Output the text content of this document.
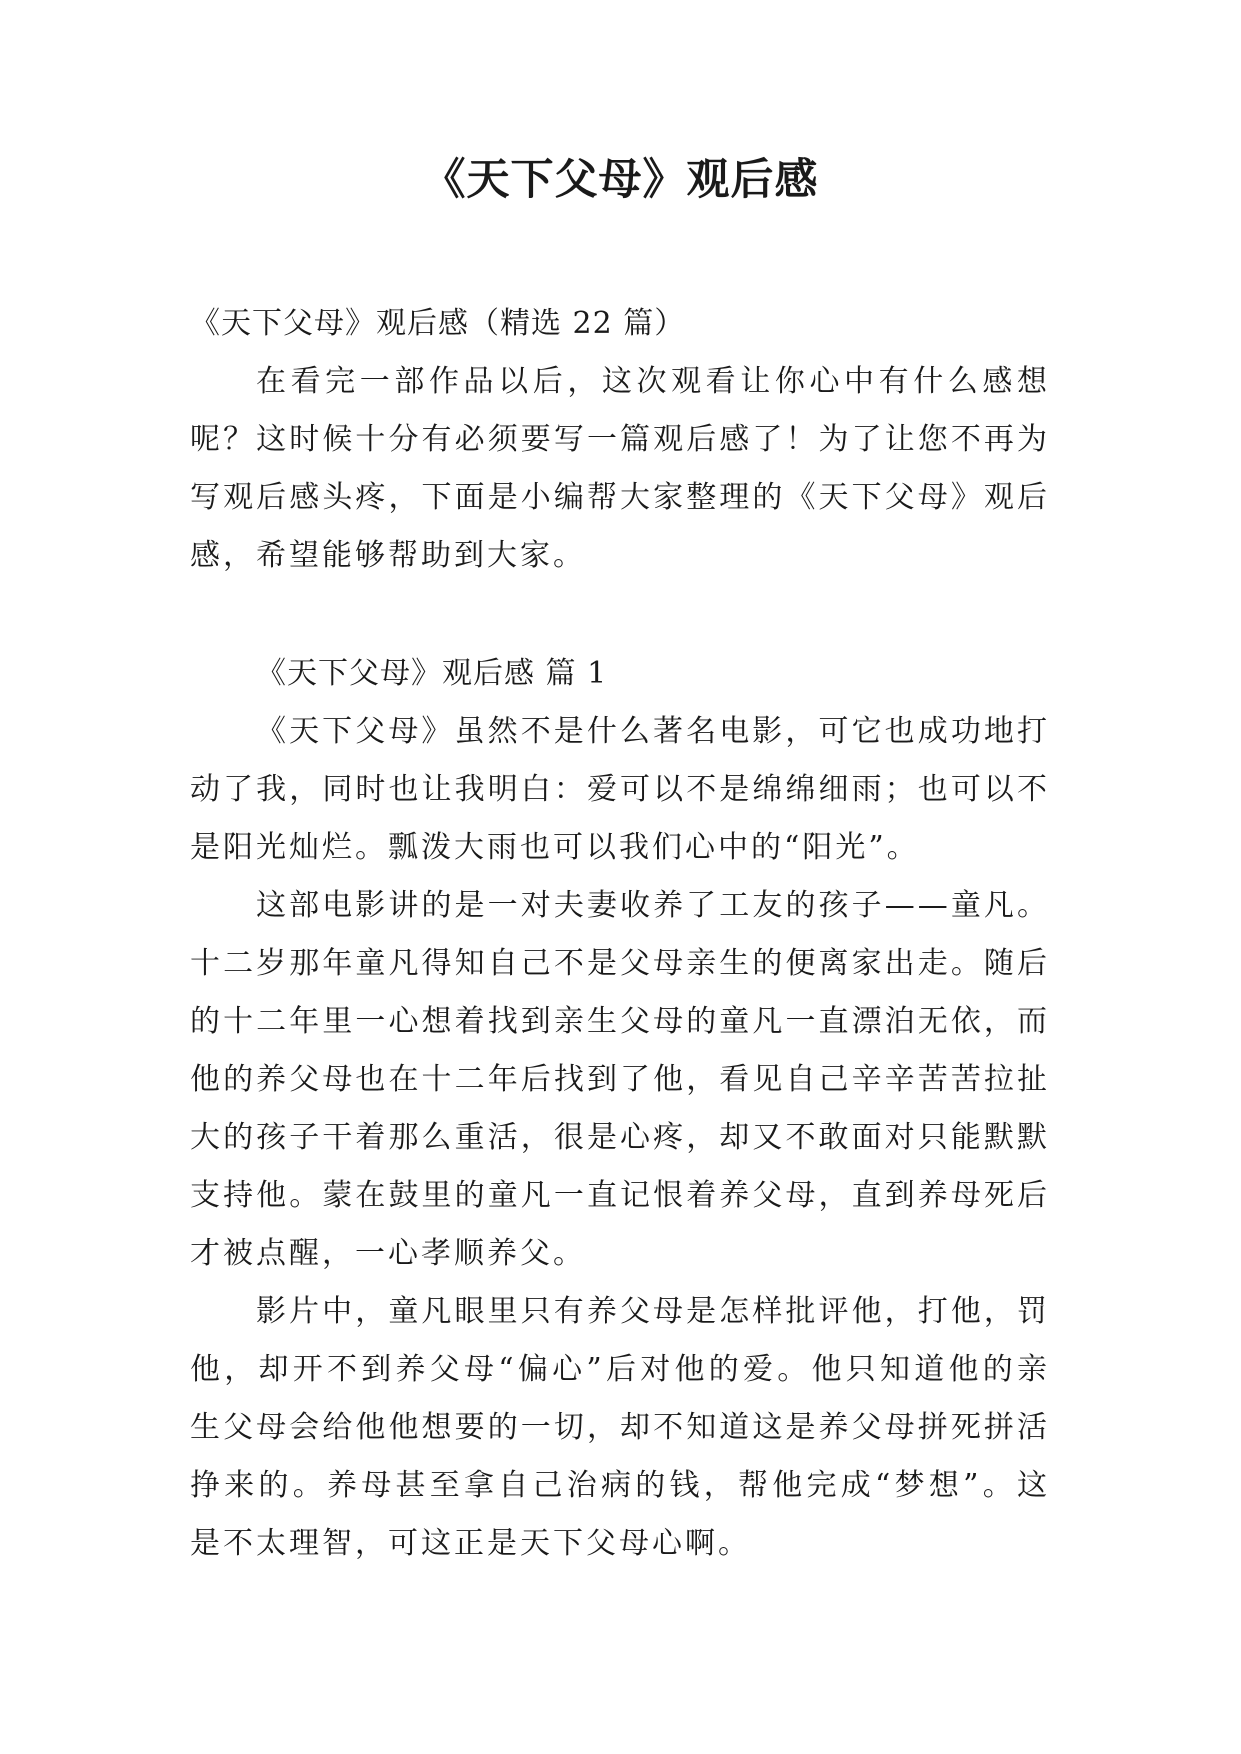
《天下父母》观后感

《天下父母》观后感（精选 22 篇）

在看完一部作品以后，这次观看让你心中有什么感想呢？这时候十分有必须要写一篇观后感了！为了让您不再为写观后感头疼，下面是小编帮大家整理的《天下父母》观后感，希望能够帮助到大家。

《天下父母》观后感 篇 1

《天下父母》虽然不是什么著名电影，可它也成功地打动了我，同时也让我明白：爱可以不是绵绵细雨；也可以不是阳光灿烂。瓢泼大雨也可以我们心中的“阳光”。

这部电影讲的是一对夫妻收养了工友的孩子——童凡。十二岁那年童凡得知自己不是父母亲生的便离家出走。随后的十二年里一心想着找到亲生父母的童凡一直漂泊无依，而他的养父母也在十二年后找到了他，看见自己辛辛苦苦拉扯大的孩子干着那么重活，很是心疼，却又不敢面对只能默默支持他。蒙在鼓里的童凡一直记恨着养父母，直到养母死后才被点醒，一心孝顺养父。

影片中，童凡眼里只有养父母是怎样批评他，打他，罚他，却开不到养父母“偏心”后对他的爱。他只知道他的亲生父母会给他他想要的一切，却不知道这是养父母拼死拼活挣来的。养母甚至拿自己治病的钱，帮他完成“梦想”。这是不太理智，可这正是天下父母心啊。
